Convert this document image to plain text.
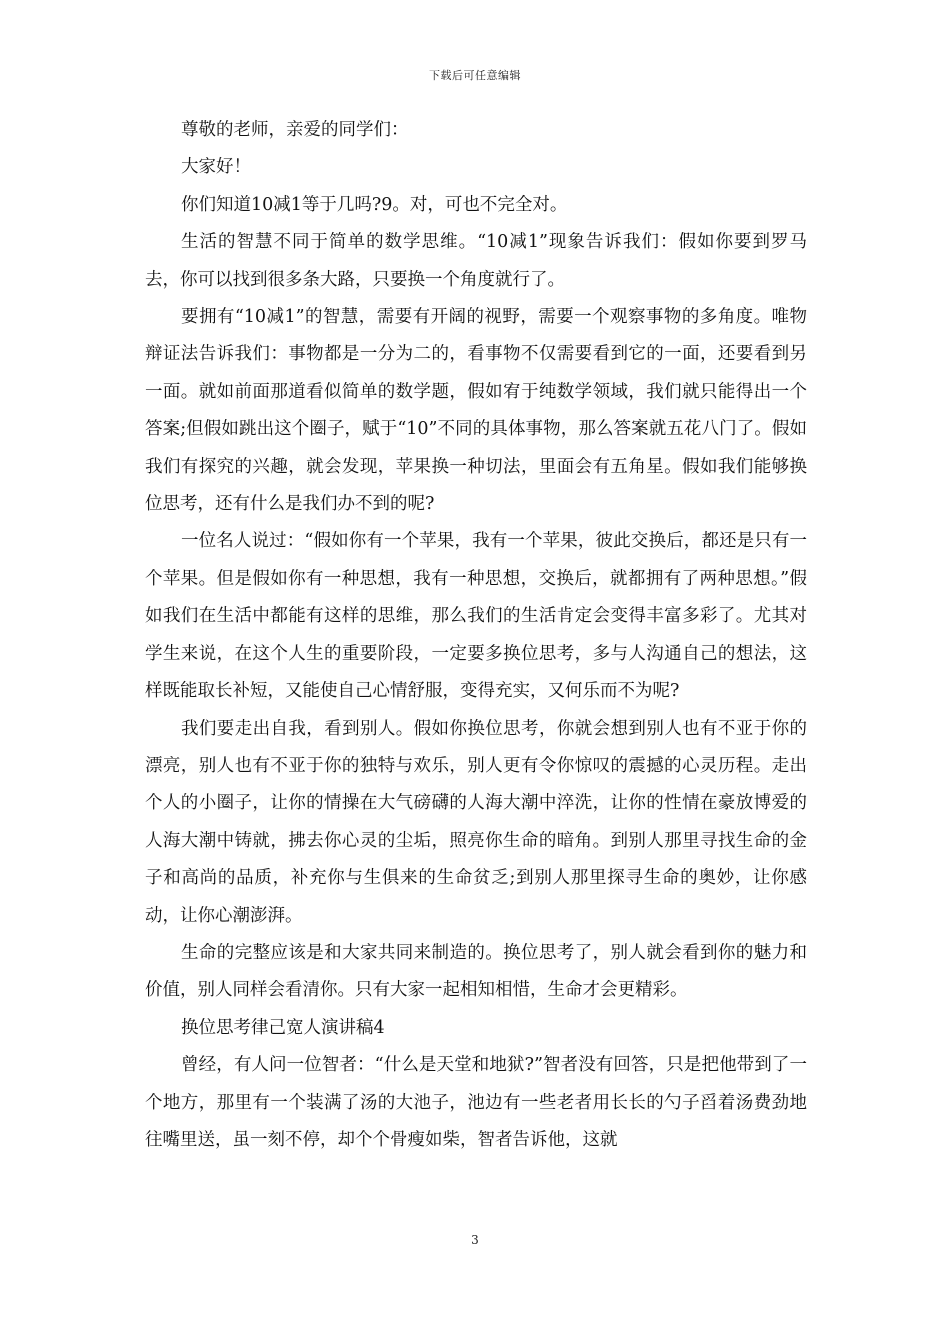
下载后可任意编辑

尊敬的老师，亲爱的同学们：

大家好！

你们知道10减1等于几吗?9。对，可也不完全对。

生活的智慧不同于简单的数学思维。“10减1”现象告诉我们：假如你要到罗马去，你可以找到很多条大路，只要换一个角度就行了。

要拥有“10减1”的智慧，需要有开阔的视野，需要一个观察事物的多角度。唯物辩证法告诉我们：事物都是一分为二的，看事物不仅需要看到它的一面，还要看到另一面。就如前面那道看似简单的数学题，假如宥于纯数学领域，我们就只能得出一个答案;但假如跳出这个圈子，赋于“10”不同的具体事物，那么答案就五花八门了。假如我们有探究的兴趣，就会发现，苹果换一种切法，里面会有五角星。假如我们能够换位思考，还有什么是我们办不到的呢?

一位名人说过：“假如你有一个苹果，我有一个苹果，彼此交换后，都还是只有一个苹果。但是假如你有一种思想，我有一种思想，交换后，就都拥有了两种思想。”假如我们在生活中都能有这样的思维，那么我们的生活肯定会变得丰富多彩了。尤其对学生来说，在这个人生的重要阶段，一定要多换位思考，多与人沟通自己的想法，这样既能取长补短，又能使自己心情舒服，变得充实，又何乐而不为呢?

我们要走出自我，看到别人。假如你换位思考，你就会想到别人也有不亚于你的漂亮，别人也有不亚于你的独特与欢乐，别人更有令你惊叹的震撼的心灵历程。走出个人的小圈子，让你的情操在大气磅礴的人海大潮中淬洗，让你的性情在豪放博爱的人海大潮中铸就，拂去你心灵的尘垢，照亮你生命的暗角。到别人那里寻找生命的金子和高尚的品质，补充你与生俱来的生命贫乏;到别人那里探寻生命的奥妙，让你感动，让你心潮澎湃。

生命的完整应该是和大家共同来制造的。换位思考了，别人就会看到你的魅力和价值，别人同样会看清你。只有大家一起相知相惜，生命才会更精彩。

换位思考律己宽人演讲稿4

曾经，有人问一位智者：“什么是天堂和地狱?”智者没有回答，只是把他带到了一个地方，那里有一个装满了汤的大池子，池边有一些老者用长长的勺子舀着汤费劲地往嘴里送，虽一刻不停，却个个骨瘦如柴，智者告诉他，这就

3
